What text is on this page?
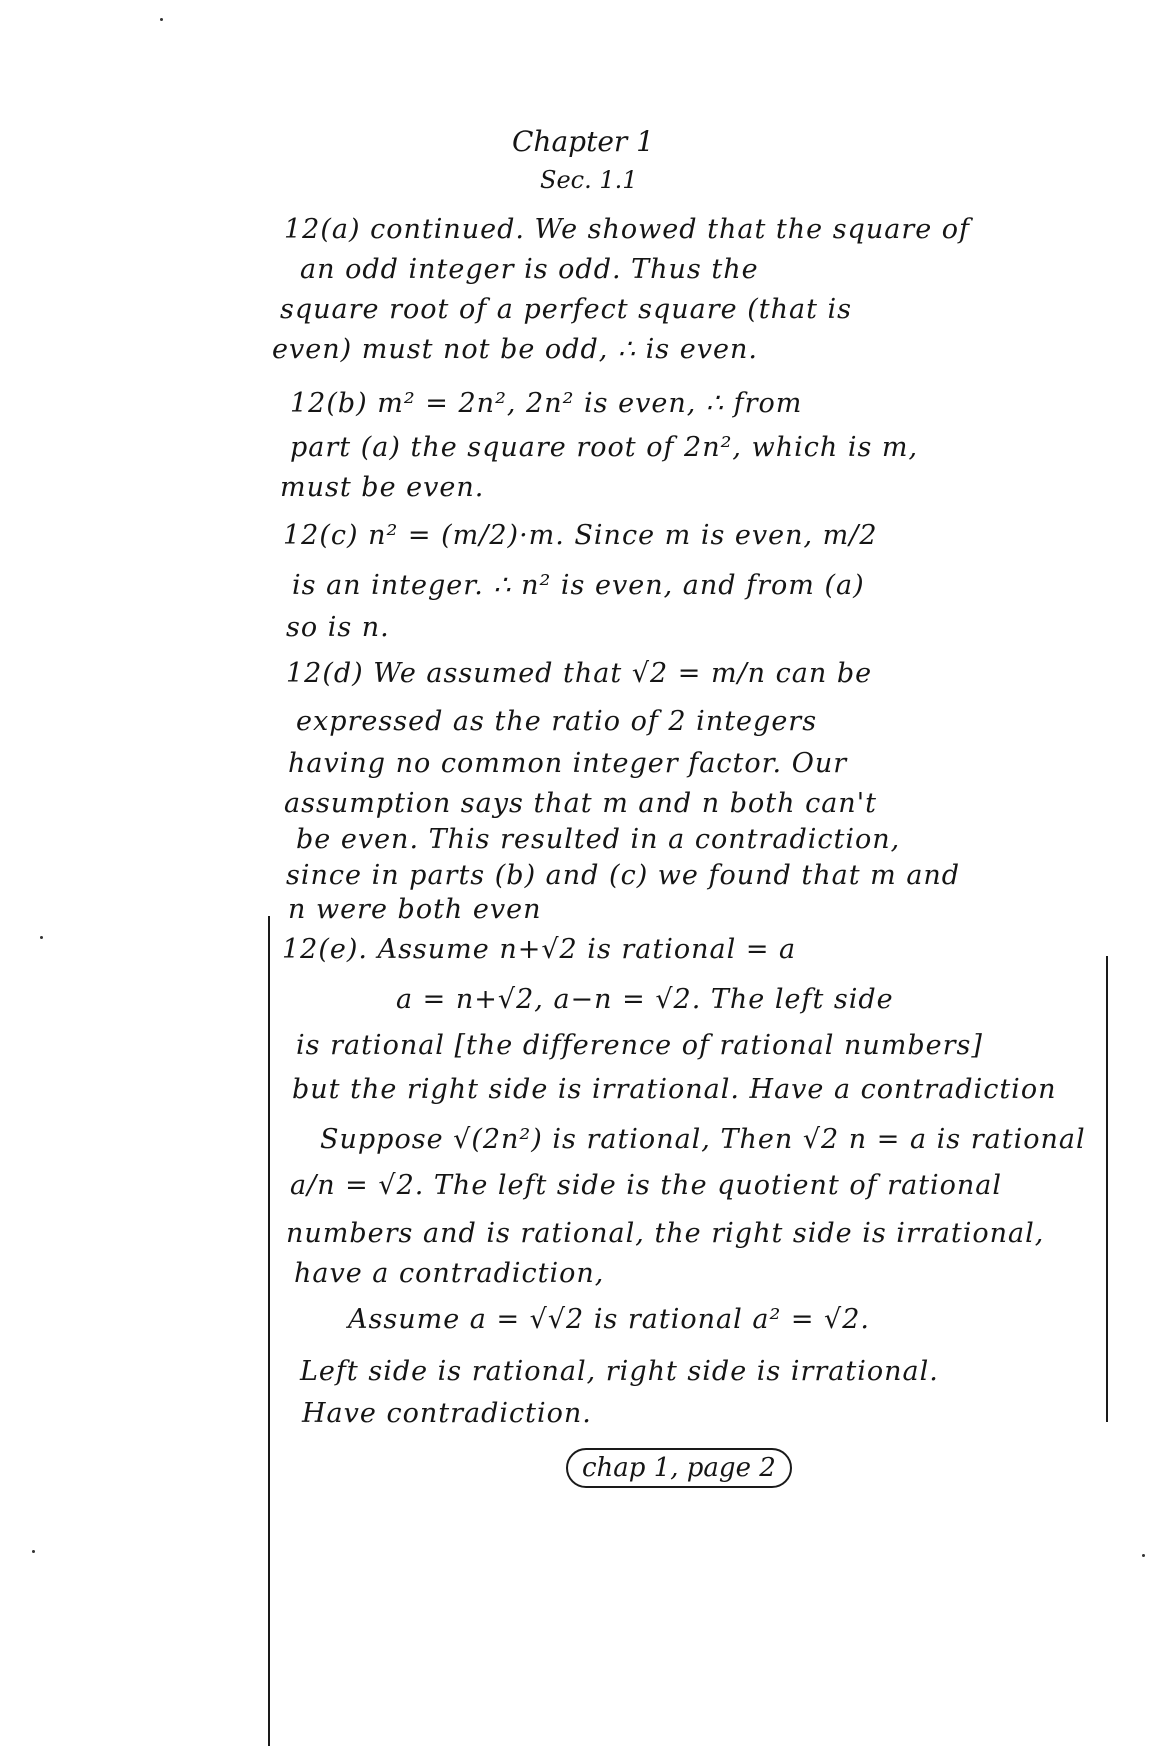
Chapter 1
Sec. 1.1
12(a) continued. We showed that the square of
an odd integer is odd. Thus the
square root of a perfect square (that is
even) must not be odd, ∴ is even.
12(b) m² = 2n², 2n² is even, ∴ from
part (a) the square root of 2n², which is m,
must be even.
12(c) n² = (m/2)·m. Since m is even, m/2
is an integer. ∴ n² is even, and from (a)
so is n.
12(d) We assumed that √2 = m/n can be
expressed as the ratio of 2 integers
having no common integer factor. Our
assumption says that m and n both can't
be even. This resulted in a contradiction,
since in parts (b) and (c) we found that m and
n were both even
12(e). Assume n+√2 is rational = a
a = n+√2, a−n = √2. The left side
is rational [the difference of rational numbers]
but the right side is irrational. Have a contradiction
Suppose √(2n²) is rational, Then √2 n = a is rational
a/n = √2. The left side is the quotient of rational
numbers and is rational, the right side is irrational,
have a contradiction,
Assume a = √√2 is rational a² = √2.
Left side is rational, right side is irrational.
Have contradiction.
chap 1, page 2
